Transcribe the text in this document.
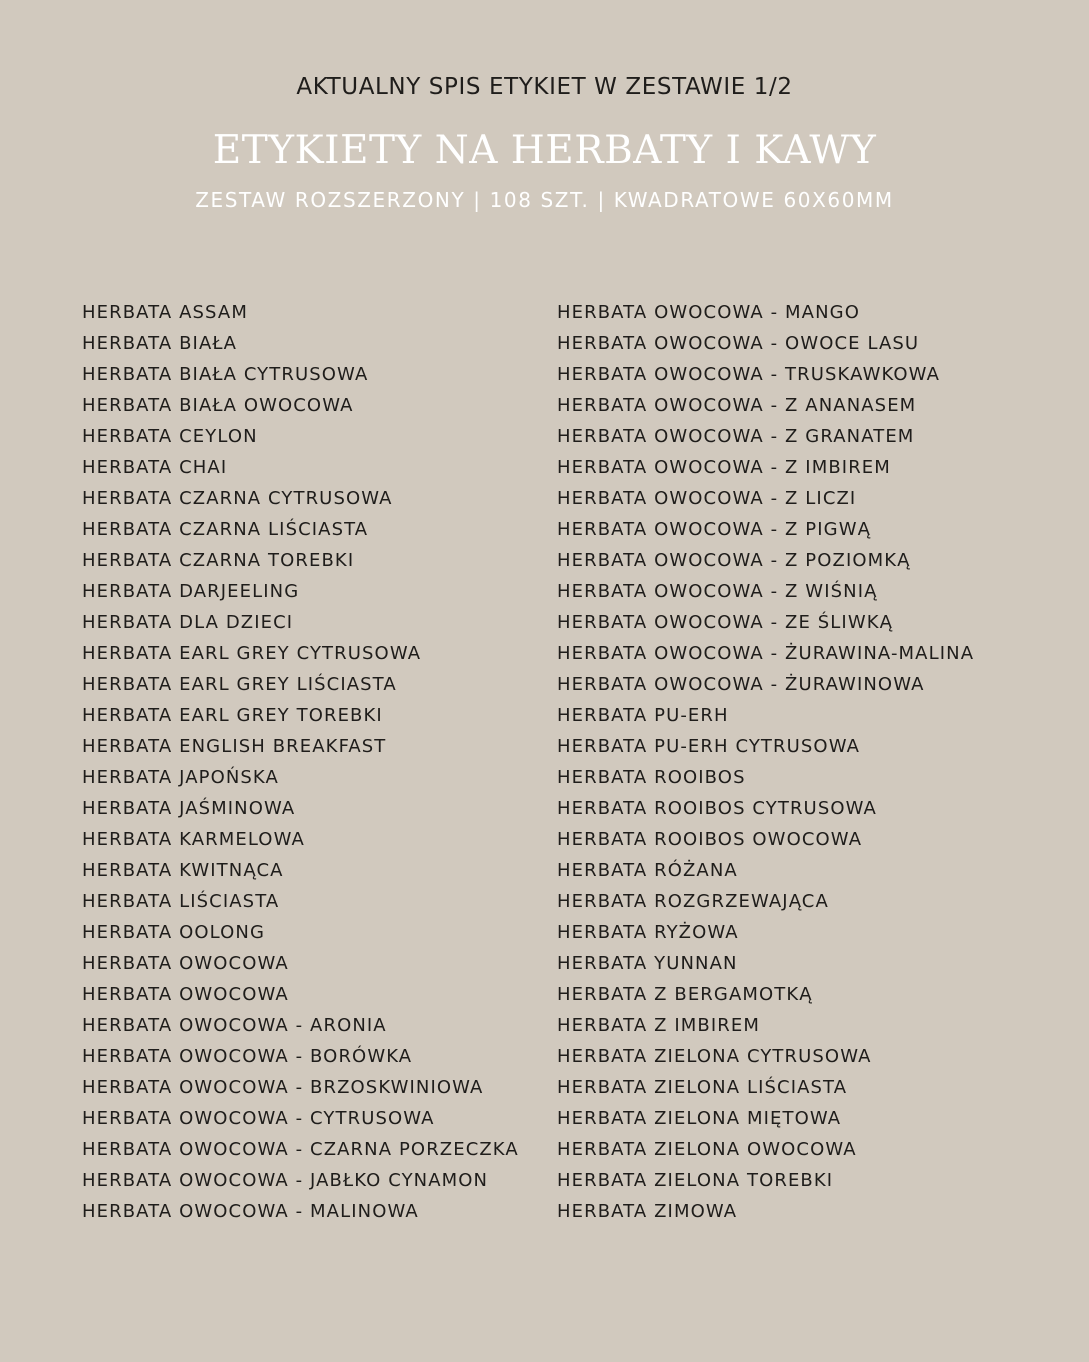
AKTUALNY SPIS ETYKIET W ZESTAWIE 1/2
ETYKIETY NA HERBATY I KAWY
ZESTAW ROZSZERZONY | 108 SZT. | KWADRATOWE 60X60MM
HERBATA ASSAM
HERBATA BIAŁA
HERBATA BIAŁA CYTRUSOWA
HERBATA BIAŁA OWOCOWA
HERBATA CEYLON
HERBATA CHAI
HERBATA CZARNA CYTRUSOWA
HERBATA CZARNA LIŚCIASTA
HERBATA CZARNA TOREBKI
HERBATA DARJEELING
HERBATA DLA DZIECI
HERBATA EARL GREY CYTRUSOWA
HERBATA EARL GREY LIŚCIASTA
HERBATA EARL GREY TOREBKI
HERBATA ENGLISH BREAKFAST
HERBATA JAPOŃSKA
HERBATA JAŚMINOWA
HERBATA KARMELOWA
HERBATA KWITNĄCA
HERBATA LIŚCIASTA
HERBATA OOLONG
HERBATA OWOCOWA
HERBATA OWOCOWA
HERBATA OWOCOWA - ARONIA
HERBATA OWOCOWA - BORÓWKA
HERBATA OWOCOWA - BRZOSKWINIOWA
HERBATA OWOCOWA - CYTRUSOWA
HERBATA OWOCOWA - CZARNA PORZECZKA
HERBATA OWOCOWA - JABŁKO CYNAMON
HERBATA OWOCOWA - MALINOWA
HERBATA OWOCOWA - MANGO
HERBATA OWOCOWA - OWOCE LASU
HERBATA OWOCOWA - TRUSKAWKOWA
HERBATA OWOCOWA - Z ANANASEM
HERBATA OWOCOWA - Z GRANATEM
HERBATA OWOCOWA - Z IMBIREM
HERBATA OWOCOWA - Z LICZI
HERBATA OWOCOWA - Z PIGWĄ
HERBATA OWOCOWA - Z POZIOMKĄ
HERBATA OWOCOWA - Z WIŚNIĄ
HERBATA OWOCOWA - ZE ŚLIWKĄ
HERBATA OWOCOWA - ŻURAWINA-MALINA
HERBATA OWOCOWA - ŻURAWINOWA
HERBATA PU-ERH
HERBATA PU-ERH CYTRUSOWA
HERBATA ROOIBOS
HERBATA ROOIBOS CYTRUSOWA
HERBATA ROOIBOS OWOCOWA
HERBATA RÓŻANA
HERBATA ROZGRZEWAJĄCA
HERBATA RYŻOWA
HERBATA YUNNAN
HERBATA Z BERGAMOTKĄ
HERBATA Z IMBIREM
HERBATA ZIELONA CYTRUSOWA
HERBATA ZIELONA LIŚCIASTA
HERBATA ZIELONA MIĘTOWA
HERBATA ZIELONA OWOCOWA
HERBATA ZIELONA TOREBKI
HERBATA ZIMOWA
